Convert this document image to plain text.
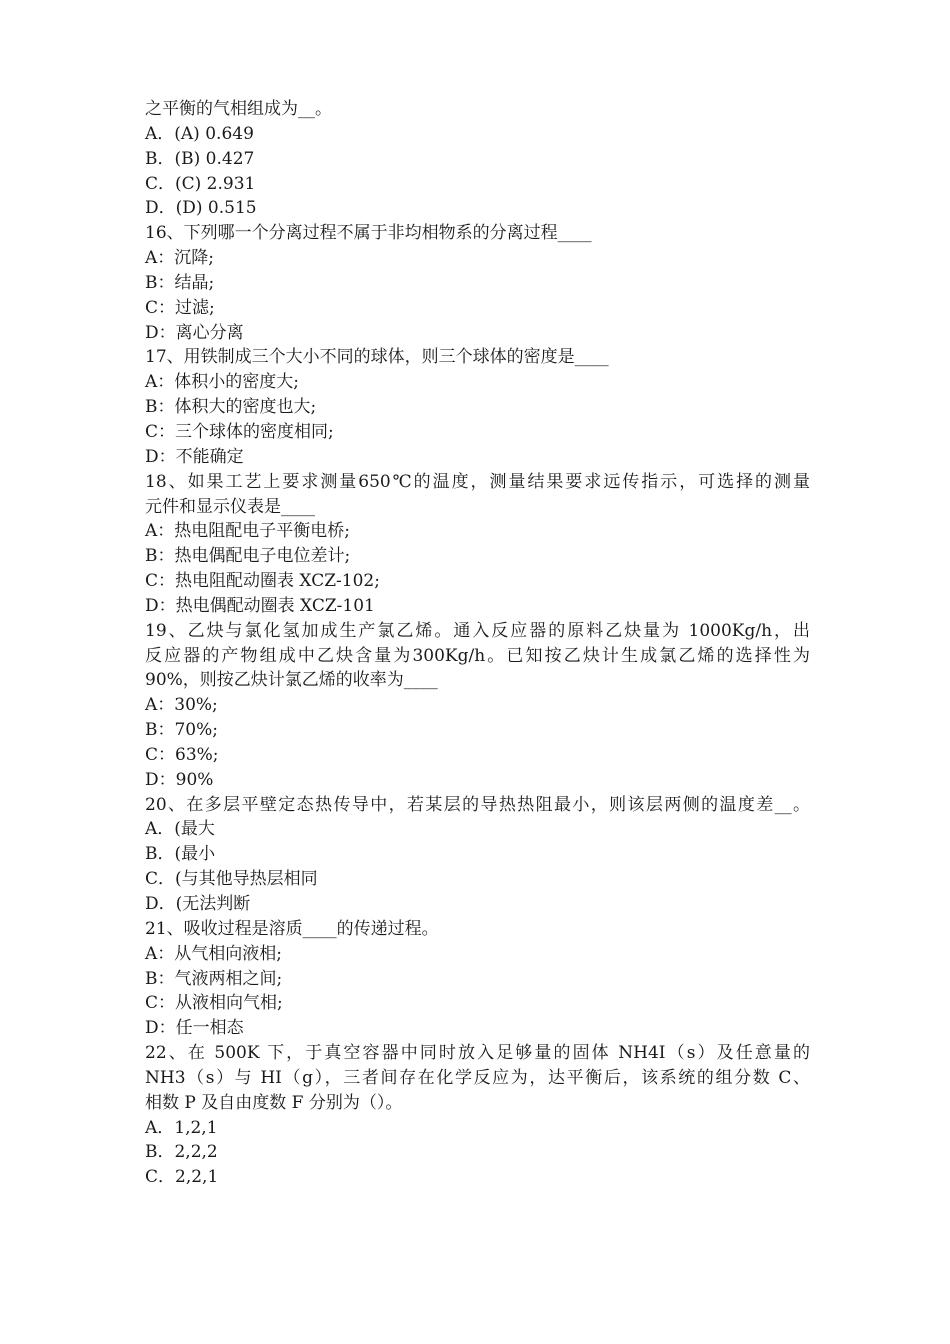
之平衡的气相组成为__。
A．(A) 0.649
B．(B) 0.427
C．(C) 2.931
D．(D) 0.515
16、下列哪一个分离过程不属于非均相物系的分离过程____
A：沉降;
B：结晶;
C：过滤;
D：离心分离
17、用铁制成三个大小不同的球体，则三个球体的密度是____
A：体积小的密度大;
B：体积大的密度也大;
C：三个球体的密度相同;
D：不能确定
18、如果工艺上要求测量650℃的温度，测量结果要求远传指示，可选择的测量
元件和显示仪表是____
A：热电阻配电子平衡电桥;
B：热电偶配电子电位差计;
C：热电阻配动圈表 XCZ-102;
D：热电偶配动圈表 XCZ-101
19、乙炔与氯化氢加成生产氯乙烯。通入反应器的原料乙炔量为 1000Kg/h，出
反应器的产物组成中乙炔含量为300Kg/h。已知按乙炔计生成氯乙烯的选择性为
90%，则按乙炔计氯乙烯的收率为____
A：30%;
B：70%;
C：63%;
D：90%
20、在多层平壁定态热传导中，若某层的导热热阻最小，则该层两侧的温度差__。
A．(最大
B．(最小
C．(与其他导热层相同
D．(无法判断
21、吸收过程是溶质____的传递过程。
A：从气相向液相;
B：气液两相之间;
C：从液相向气相;
D：任一相态
22、在 500K 下，于真空容器中同时放入足够量的固体 NH4I（s）及任意量的
NH3（s）与 HI（g），三者间存在化学反应为，达平衡后，该系统的组分数 C、
相数 P 及自由度数 F 分别为（）。
A．1,2,1
B．2,2,2
C．2,2,1
